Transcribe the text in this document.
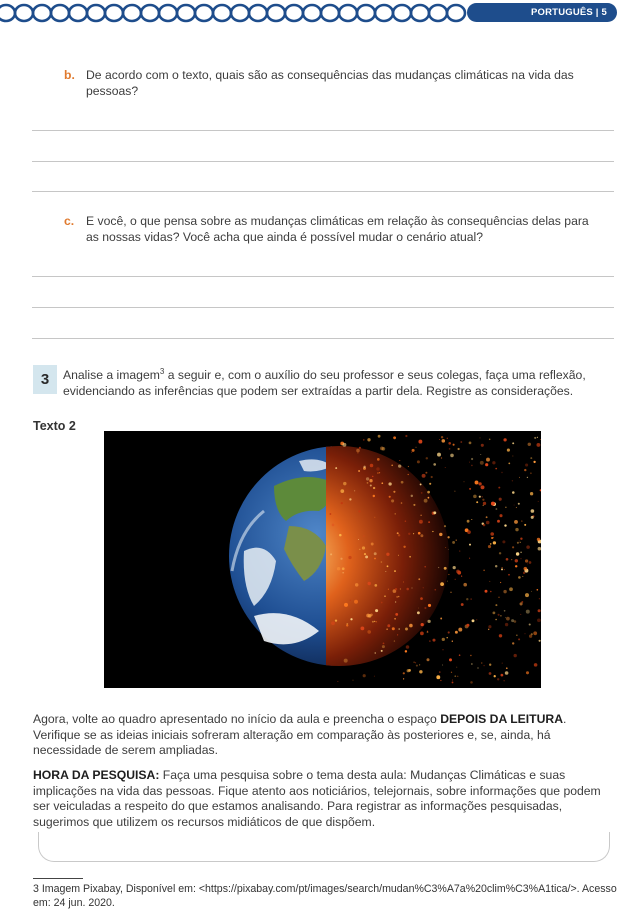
PORTUGUÊS | 5
b. De acordo com o texto, quais são as consequências das mudanças climáticas na vida das pessoas?
c. E você, o que pensa sobre as mudanças climáticas em relação às consequências delas para as nossas vidas? Você acha que ainda é possível mudar o cenário atual?
3 Analise a imagem$^3$ a seguir e, com o auxílio do seu professor e seus colegas, faça uma reflexão, evidenciando as inferências que podem ser extraídas a partir dela. Registre as considerações.
Texto 2
Agora, volte ao quadro apresentado no início da aula e preencha o espaço DEPOIS DA LEITURA. Verifique se as ideias iniciais sofreram alteração em comparação às posteriores e, se, ainda, há necessidade de serem ampliadas.
HORA DA PESQUISA: Faça uma pesquisa sobre o tema desta aula: Mudanças Climáticas e suas implicações na vida das pessoas. Fique atento aos noticiários, telejornais, sobre informações que podem ser veiculadas a respeito do que estamos analisando. Para registrar as informações pesquisadas, sugerimos que utilizem os recursos midiáticos de que dispõem.
3 Imagem Pixabay, Disponível em: <https://pixabay.com/pt/images/search/mudan%C3%A7a%20clim%C3%A1tica/>. Acesso em: 24 jun. 2020.
